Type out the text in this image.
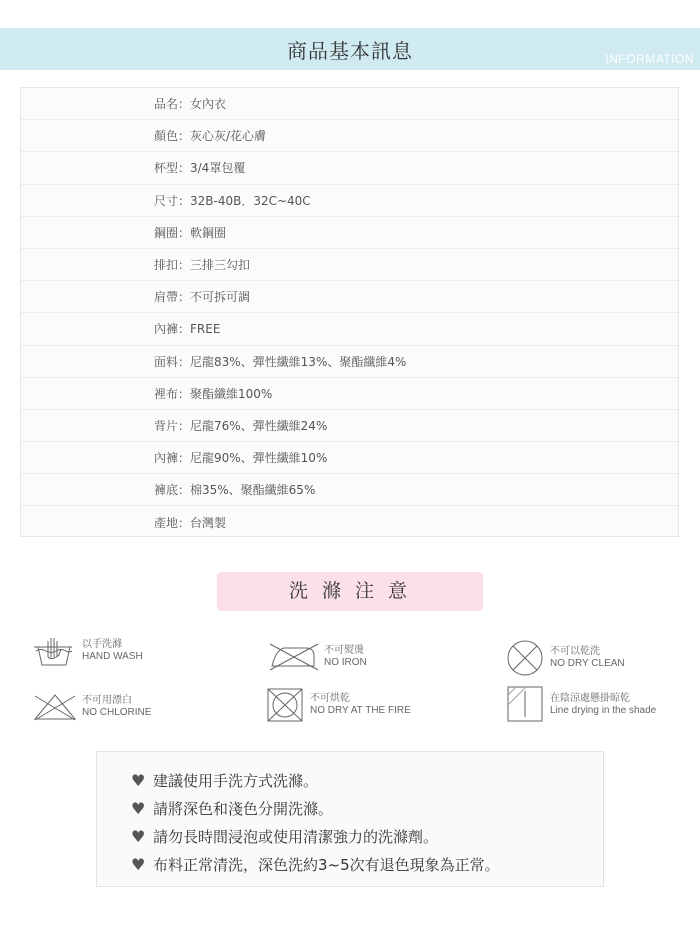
商品基本訊息	INFORMATION
品名：女內衣
顏色：灰心灰/花心膚
杯型：3/4罩包覆
尺寸：32B-40B．32C~40C
鋼圈：軟鋼圈
排扣：三排三勾扣
肩帶：不可拆可調
內褲：FREE
面料：尼龍83%、彈性纖維13%、聚酯纖維4%
裡布：聚酯纖維100%
背片：尼龍76%、彈性纖維24%
內褲：尼龍90%、彈性纖維10%
褲底：棉35%、聚酯纖維65%
產地：台灣製
洗 滌 注 意
以手洗滌
HAND WASH
不可熨燙
NO IRON
不可以乾洗
NO DRY CLEAN
不可用漂白
NO CHLORINE
不可烘乾
NO DRY AT THE FIRE
在陰涼處懸掛晾乾
Line drying in the shade
♥ 建議使用手洗方式洗滌。
♥ 請將深色和淺色分開洗滌。
♥ 請勿長時間浸泡或使用清潔強力的洗滌劑。
♥ 布料正常清洗，深色洗約3~5次有退色現象為正常。
